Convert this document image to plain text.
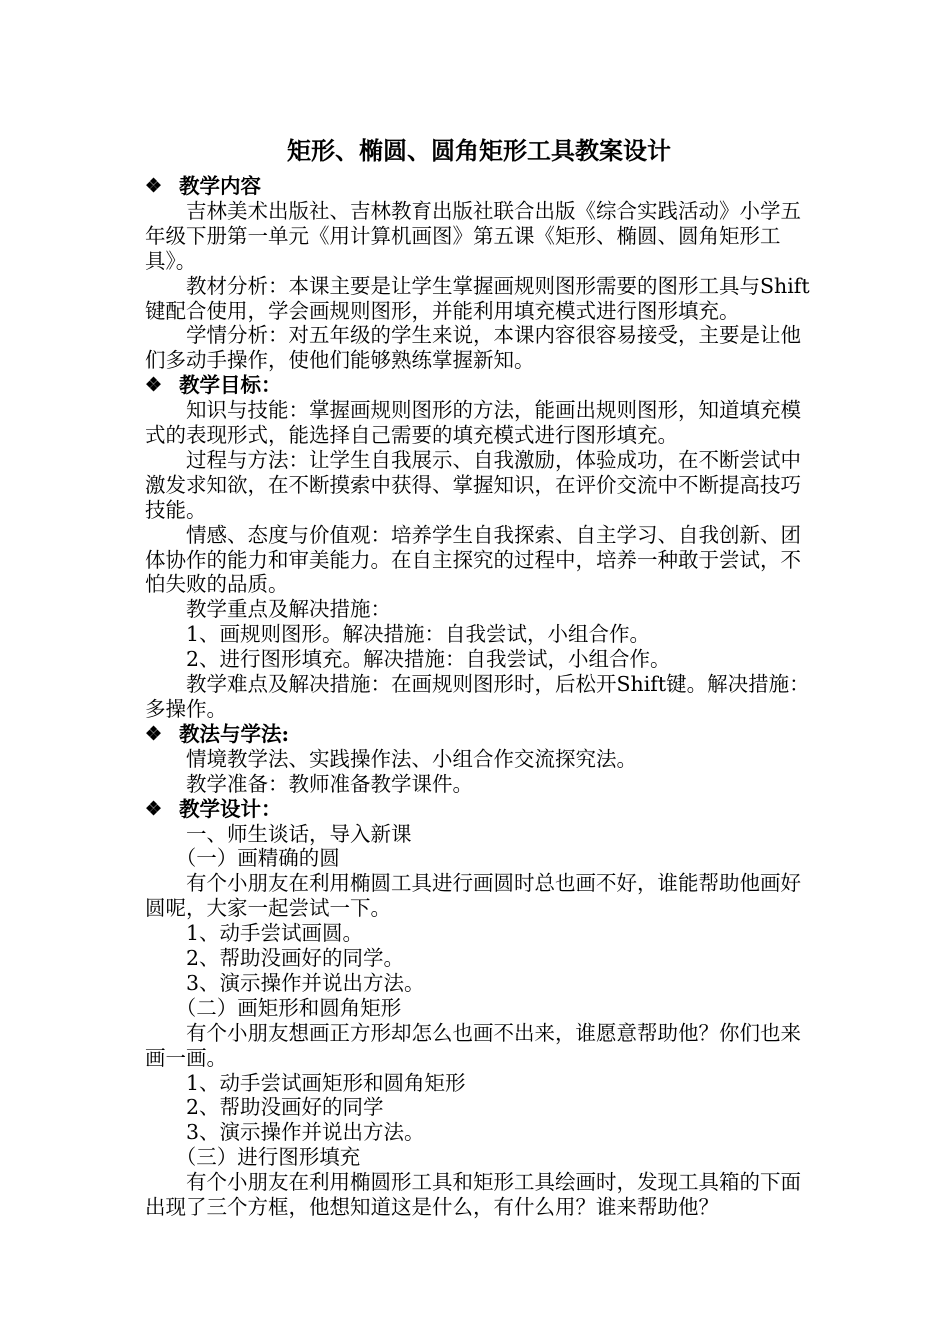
矩形、椭圆、圆角矩形工具教案设计
❖ 教学内容

吉林美术出版社、吉林教育出版社联合出版《综合实践活动》小学五年级下册第一单元《用计算机画图》第五课《矩形、椭圆、圆角矩形工具》。

教材分析：本课主要是让学生掌握画规则图形需要的图形工具与Shift键配合使用，学会画规则图形，并能利用填充模式进行图形填充。

学情分析：对五年级的学生来说，本课内容很容易接受，主要是让他们多动手操作，使他们能够熟练掌握新知。

❖ 教学目标：

知识与技能：掌握画规则图形的方法，能画出规则图形，知道填充模式的表现形式，能选择自己需要的填充模式进行图形填充。

过程与方法：让学生自我展示、自我激励，体验成功，在不断尝试中激发求知欲，在不断摸索中获得、掌握知识，在评价交流中不断提高技巧技能。

情感、态度与价值观：培养学生自我探索、自主学习、自我创新、团体协作的能力和审美能力。在自主探究的过程中，培养一种敢于尝试，不怕失败的品质。

教学重点及解决措施：

1、画规则图形。解决措施：自我尝试，小组合作。

2、进行图形填充。解决措施：自我尝试，小组合作。

教学难点及解决措施：在画规则图形时，后松开Shift键。解决措施：多操作。

❖ 教法与学法:

情境教学法、实践操作法、小组合作交流探究法。

教学准备：教师准备教学课件。

❖ 教学设计：

一、师生谈话，导入新课

（一）画精确的圆

有个小朋友在利用椭圆工具进行画圆时总也画不好，谁能帮助他画好圆呢，大家一起尝试一下。

1、动手尝试画圆。

2、帮助没画好的同学。

3、演示操作并说出方法。

（二）画矩形和圆角矩形

有个小朋友想画正方形却怎么也画不出来，谁愿意帮助他？你们也来画一画。

1、动手尝试画矩形和圆角矩形

2、帮助没画好的同学

3、演示操作并说出方法。

（三）进行图形填充

有个小朋友在利用椭圆形工具和矩形工具绘画时，发现工具箱的下面出现了三个方框，他想知道这是什么，有什么用？谁来帮助他？
